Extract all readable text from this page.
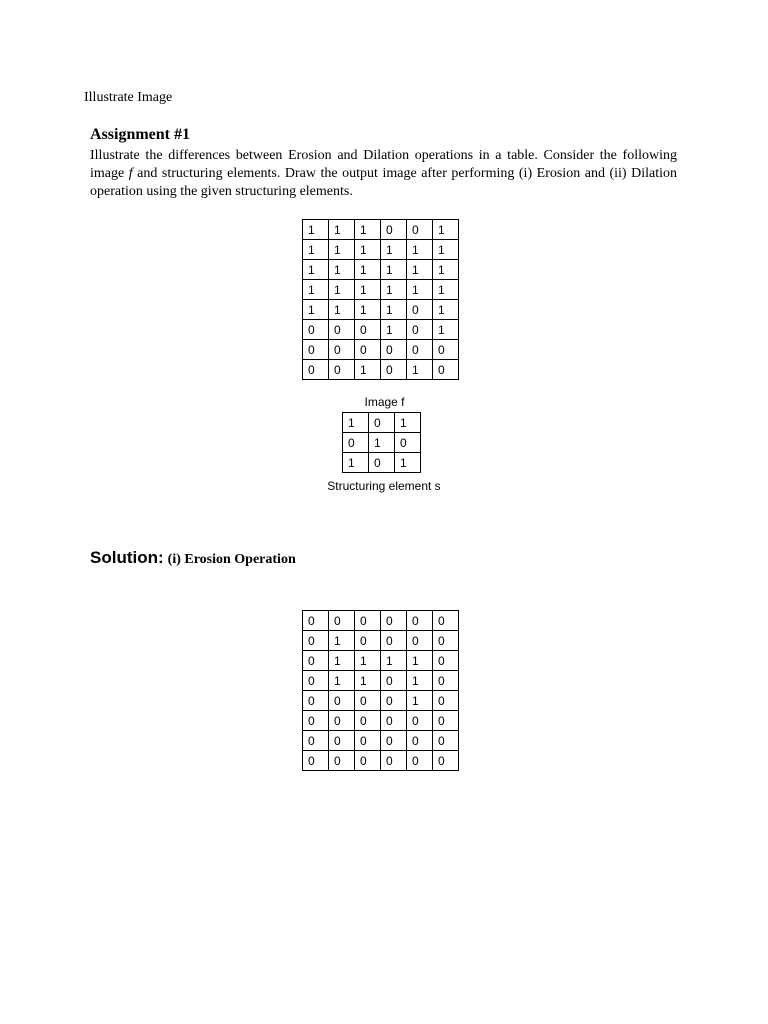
Illustrate Image
Assignment #1
Illustrate the differences between Erosion and Dilation operations in a table. Consider the following image f and structuring elements. Draw the output image after performing (i) Erosion and (ii) Dilation operation using the given structuring elements.
1	1	1	0	0	1
1	1	1	1	1	1
1	1	1	1	1	1
1	1	1	1	1	1
1	1	1	1	0	1
0	0	0	1	0	1
0	0	0	0	0	0
0	0	1	0	1	0
Image f
1	0	1
0	1	0
1	0	1
Structuring element s
Solution: (i) Erosion Operation
0	0	0	0	0	0
0	1	0	0	0	0
0	1	1	1	1	0
0	1	1	0	1	0
0	0	0	0	1	0
0	0	0	0	0	0
0	0	0	0	0	0
0	0	0	0	0	0
